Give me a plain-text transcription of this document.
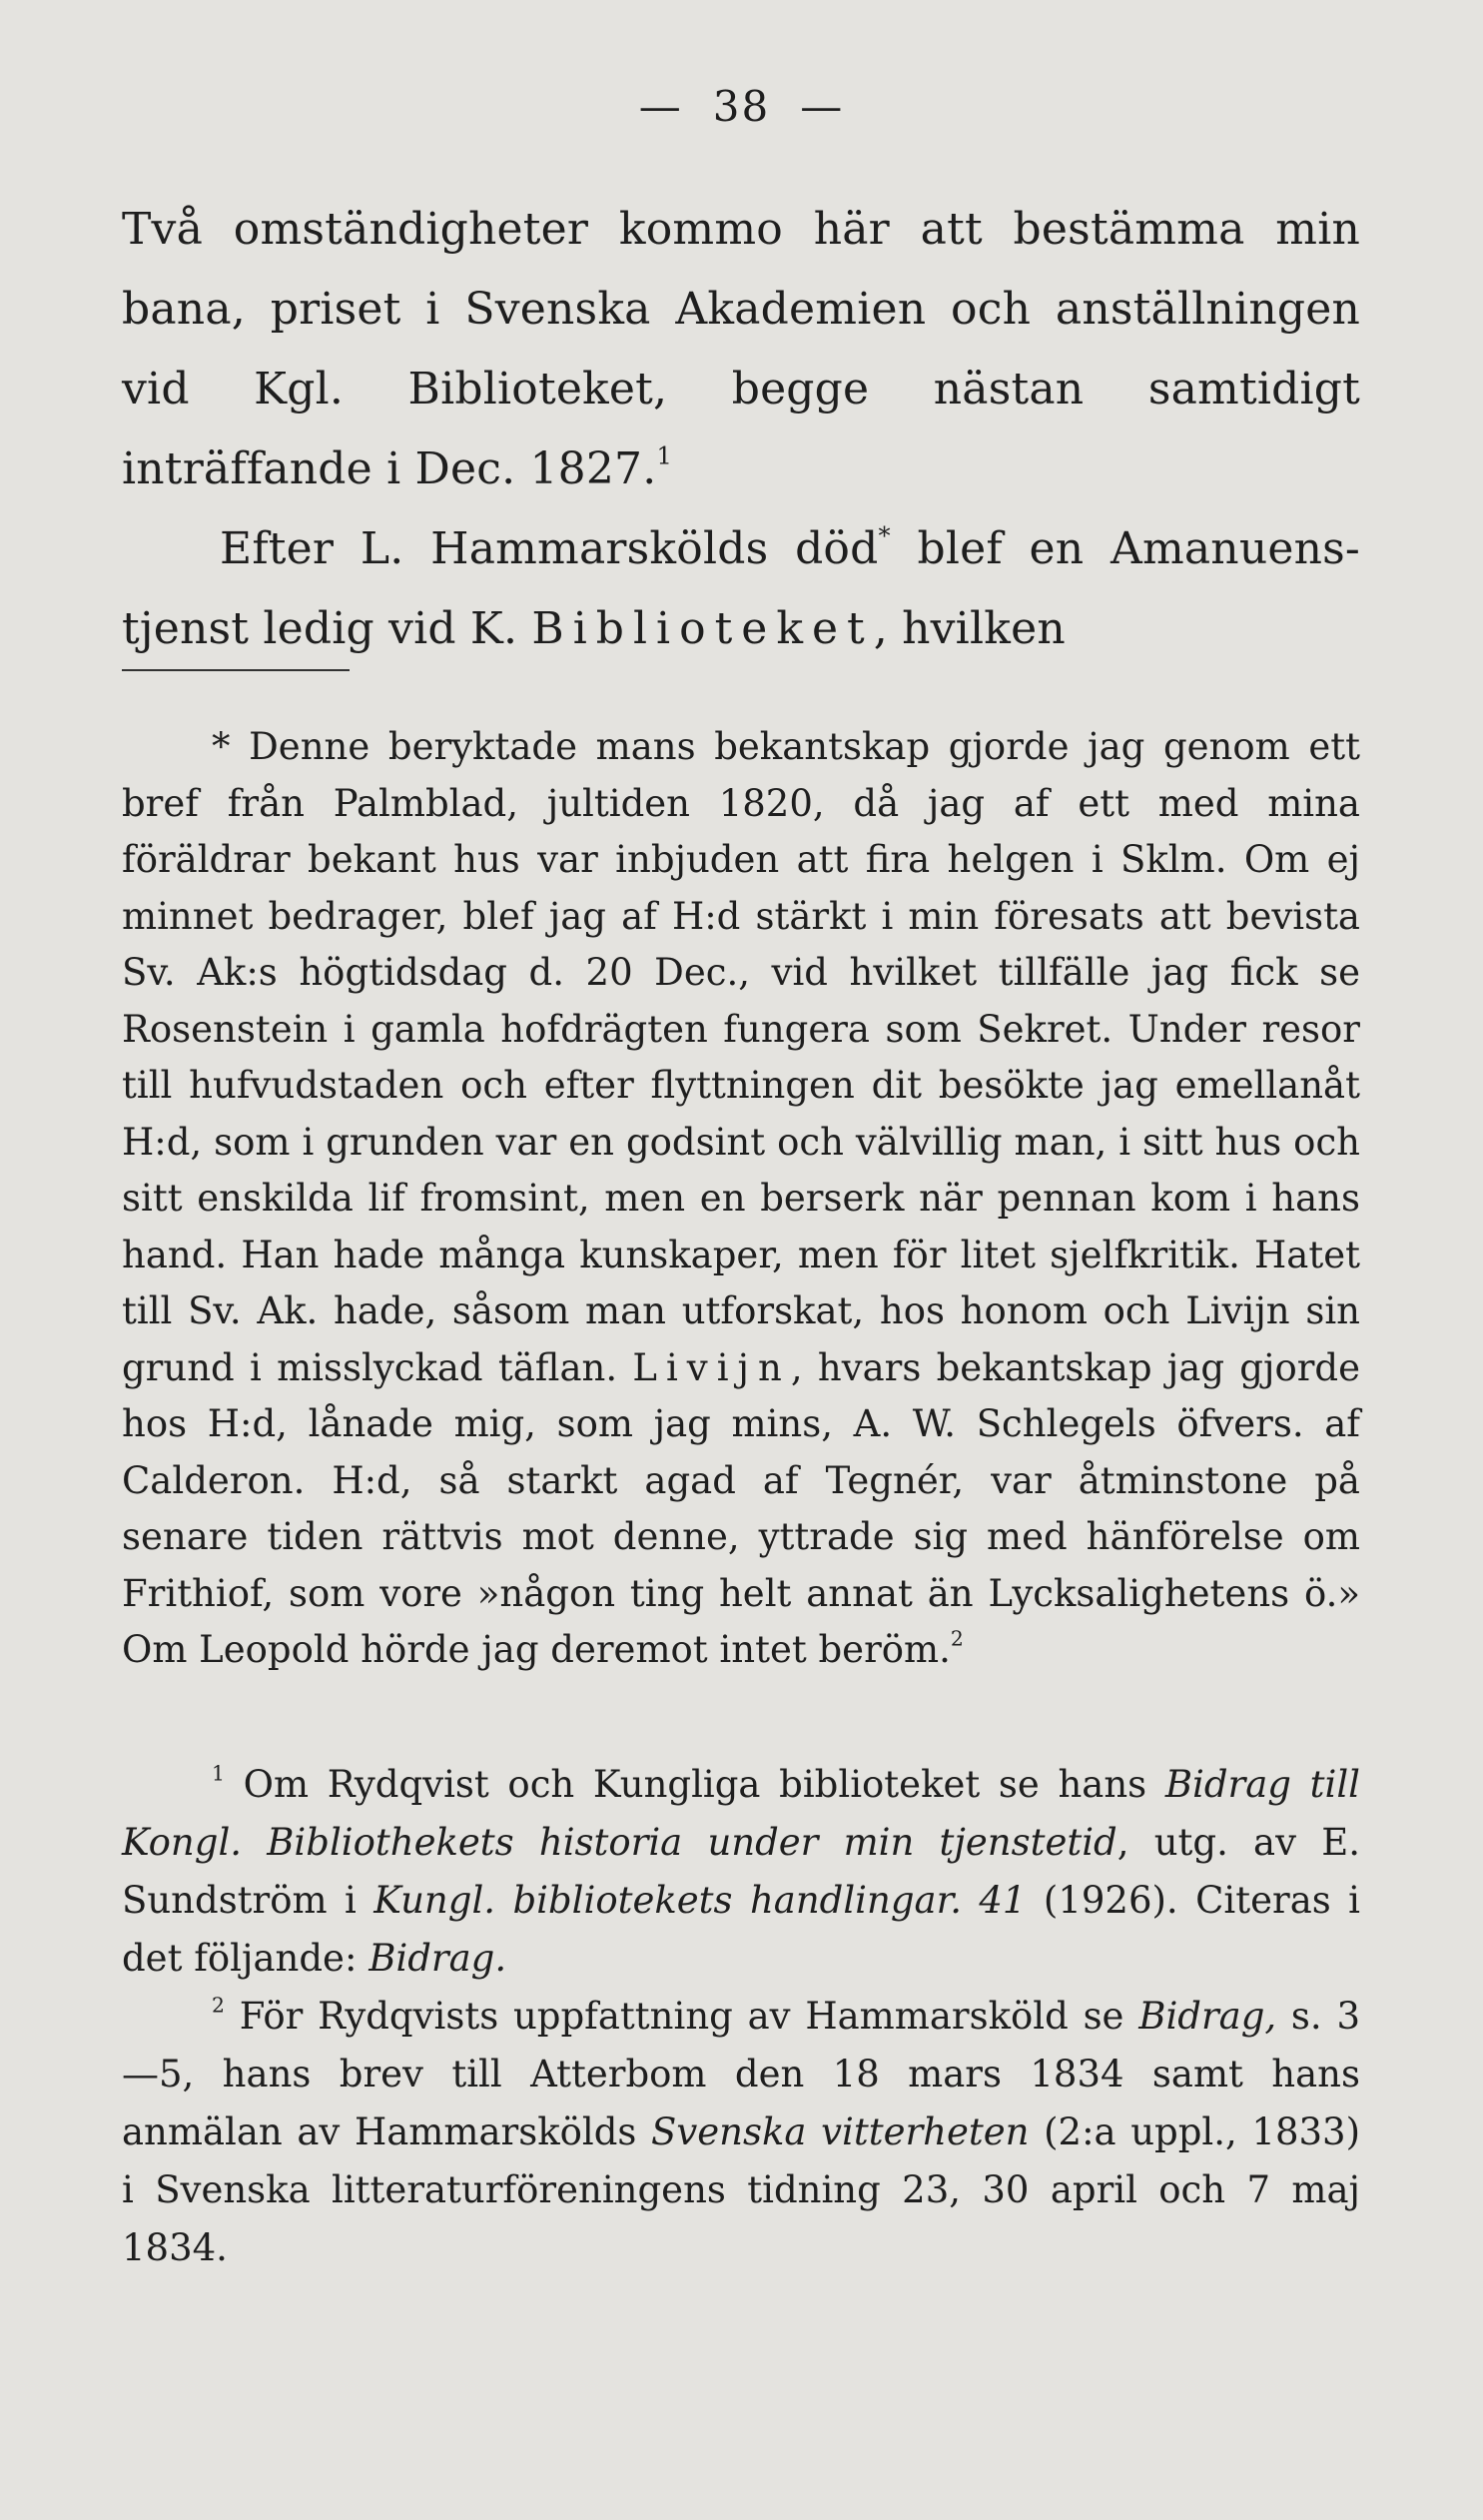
— 38 —

Två omständigheter kommo här att bestämma min bana, priset i Svenska Akademien och anställningen vid Kgl. Biblioteket, begge nästan samtidigt inträffande i Dec. 1827.$^1$

Efter L. Hammarskölds död* blef en Amanuens-tjenst ledig vid K. Biblioteket, hvilken

* Denne beryktade mans bekantskap gjorde jag genom ett bref från Palmblad, jultiden 1820, då jag af ett med mina föräldrar bekant hus var inbjuden att fira helgen i Sklm. Om ej minnet bedrager, blef jag af H:d stärkt i min föresats att bevista Sv. Ak:s högtidsdag d. 20 Dec., vid hvilket tillfälle jag fick se Rosenstein i gamla hofdrägten fungera som Sekret. Under resor till hufvudstaden och efter flyttningen dit besökte jag emellanåt H:d, som i grunden var en godsint och välvillig man, i sitt hus och sitt enskilda lif fromsint, men en berserk när pennan kom i hans hand. Han hade många kunskaper, men för litet sjelfkritik. Hatet till Sv. Ak. hade, såsom man utforskat, hos honom och Livijn sin grund i misslyckad täflan. Livijn, hvars bekantskap jag gjorde hos H:d, lånade mig, som jag mins, A. W. Schlegels öfvers. af Calderon. H:d, så starkt agad af Tegnér, var åtminstone på senare tiden rättvis mot denne, yttrade sig med hänförelse om Frithiof, som vore »någon ting helt annat än Lycksalighetens ö.» Om Leopold hörde jag deremot intet beröm.$^2$

$^1$ Om Rydqvist och Kungliga biblioteket se hans Bidrag till Kongl. Bibliothekets historia under min tjenstetid, utg. av E. Sundström i Kungl. bibliotekets handlingar. 41 (1926). Citeras i det följande: Bidrag.

$^2$ För Rydqvists uppfattning av Hammarsköld se Bidrag, s. 3—5, hans brev till Atterbom den 18 mars 1834 samt hans anmälan av Hammarskölds Svenska vitterheten (2:a uppl., 1833) i Svenska litteraturföreningens tidning 23, 30 april och 7 maj 1834.
